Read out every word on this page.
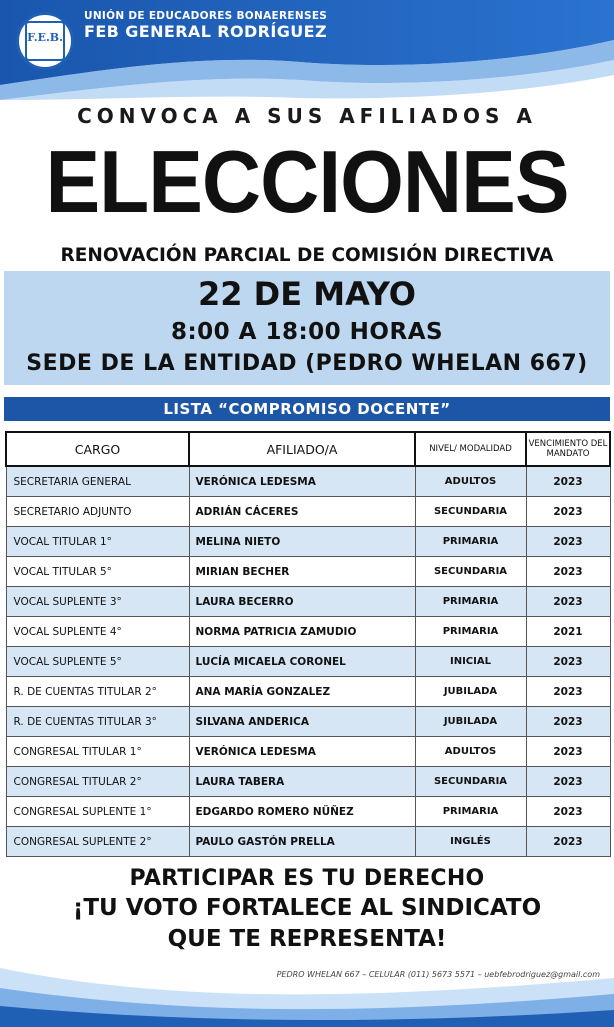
F.E.B.
UNIÓN DE EDUCADORES BONAERENSES
FEB GENERAL RODRÍGUEZ
CONVOCA A SUS AFILIADOS A
ELECCIONES
RENOVACIÓN PARCIAL DE COMISIÓN DIRECTIVA
22 DE MAYO
8:00 A 18:00 HORAS
SEDE DE LA ENTIDAD (PEDRO WHELAN 667)
LISTA “COMPROMISO DOCENTE”
CARGO	AFILIADO/A	NIVEL/ MODALIDAD	VENCIMIENTO DEL MANDATO
SECRETARIA GENERAL	VERÓNICA LEDESMA	ADULTOS	2023
SECRETARIO ADJUNTO	ADRIÁN CÁCERES	SECUNDARIA	2023
VOCAL TITULAR 1°	MELINA NIETO	PRIMARIA	2023
VOCAL TITULAR 5°	MIRIAN BECHER	SECUNDARIA	2023
VOCAL SUPLENTE 3°	LAURA BECERRO	PRIMARIA	2023
VOCAL SUPLENTE 4°	NORMA PATRICIA ZAMUDIO	PRIMARIA	2021
VOCAL SUPLENTE 5°	LUCÍA MICAELA CORONEL	INICIAL	2023
R. DE CUENTAS TITULAR 2°	ANA MARÍA GONZALEZ	JUBILADA	2023
R. DE CUENTAS TITULAR 3°	SILVANA ANDERICA	JUBILADA	2023
CONGRESAL TITULAR 1°	VERÓNICA LEDESMA	ADULTOS	2023
CONGRESAL TITULAR 2°	LAURA TABERA	SECUNDARIA	2023
CONGRESAL SUPLENTE 1°	EDGARDO ROMERO NÜÑEZ	PRIMARIA	2023
CONGRESAL SUPLENTE 2°	PAULO GASTÓN PRELLA	INGLÉS	2023
PARTICIPAR ES TU DERECHO
¡TU VOTO FORTALECE AL SINDICATO
QUE TE REPRESENTA!
PEDRO WHELAN 667 – CELULAR (011) 5673 5571 – uebfebrodriguez@gmail.com
